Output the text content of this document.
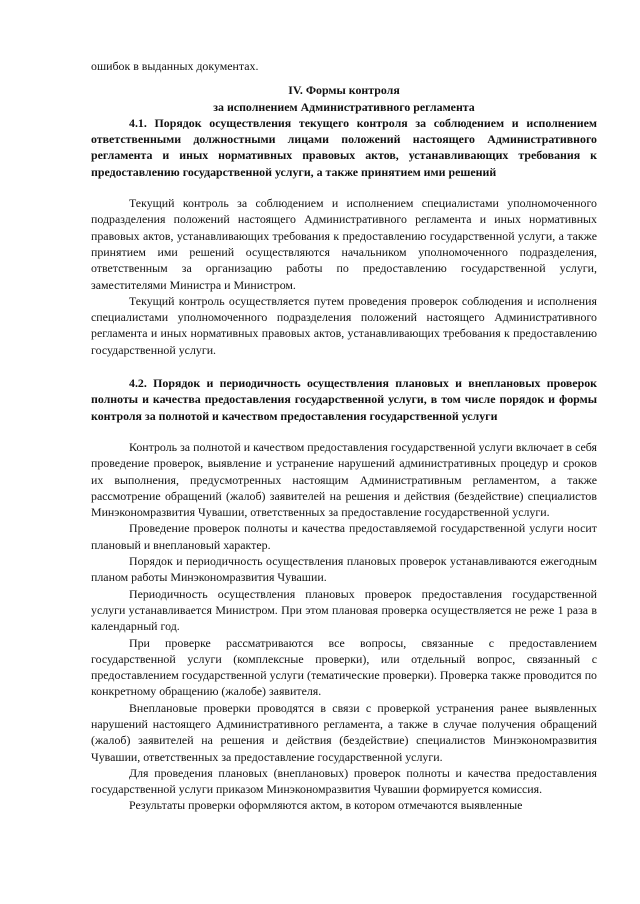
ошибок в выданных документах.

IV. Формы контроля

за исполнением Административного регламента

4.1. Порядок осуществления текущего контроля за соблюдением и исполнением ответственными должностными лицами положений настоящего Административного регламента и иных нормативных правовых актов, устанавливающих требования к предоставлению государственной услуги, а также принятием ими решений

Текущий контроль за соблюдением и исполнением специалистами уполномоченного подразделения положений настоящего Административного регламента и иных нормативных правовых актов, устанавливающих требования к предоставлению государственной услуги, а также принятием ими решений осуществляются начальником уполномоченного подразделения, ответственным за организацию работы по предоставлению государственной услуги, заместителями Министра и Министром.

Текущий контроль осуществляется путем проведения проверок соблюдения и исполнения специалистами уполномоченного подразделения положений настоящего Административного регламента и иных нормативных правовых актов, устанавливающих требования к предоставлению государственной услуги.

4.2. Порядок и периодичность осуществления плановых и внеплановых проверок полноты и качества предоставления государственной услуги, в том числе порядок и формы контроля за полнотой и качеством предоставления государственной услуги

Контроль за полнотой и качеством предоставления государственной услуги включает в себя проведение проверок, выявление и устранение нарушений административных процедур и сроков их выполнения, предусмотренных настоящим Административным регламентом, а также рассмотрение обращений (жалоб) заявителей на решения и действия (бездействие) специалистов Минэкономразвития Чувашии, ответственных за предоставление государственной услуги.

Проведение проверок полноты и качества предоставляемой государственной услуги носит плановый и внеплановый характер.

Порядок и периодичность осуществления плановых проверок устанавливаются ежегодным планом работы Минэкономразвития Чувашии.

Периодичность осуществления плановых проверок предоставления государственной услуги устанавливается Министром. При этом плановая проверка осуществляется не реже 1 раза в календарный год.

При проверке рассматриваются все вопросы, связанные с предоставлением государственной услуги (комплексные проверки), или отдельный вопрос, связанный с предоставлением государственной услуги (тематические проверки). Проверка также проводится по конкретному обращению (жалобе) заявителя.

Внеплановые проверки проводятся в связи с проверкой устранения ранее выявленных нарушений настоящего Административного регламента, а также в случае получения обращений (жалоб) заявителей на решения и действия (бездействие) специалистов Минэкономразвития Чувашии, ответственных за предоставление государственной услуги.

Для проведения плановых (внеплановых) проверок полноты и качества предоставления государственной услуги приказом Минэкономразвития Чувашии формируется комиссия.

Результаты проверки оформляются актом, в котором отмечаются выявленные
